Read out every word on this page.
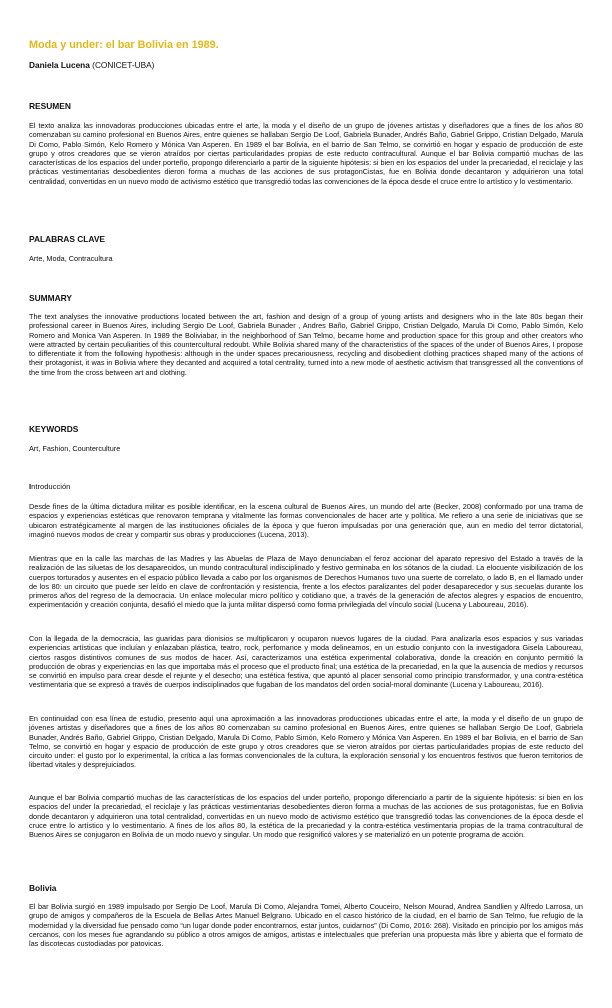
Moda y under: el bar Bolivia en 1989.

Daniela Lucena (CONICET-UBA)

RESUMEN

El texto analiza las innovadoras producciones ubicadas entre el arte, la moda y el diseño de un grupo de jóvenes artistas y diseñadores que a fines de los años 80 comenzaban su camino profesional en Buenos Aires, entre quienes se hallaban Sergio De Loof, Gabriela Bunader, Andrés Baño, Gabriel Grippo, Cristian Delgado, Marula Di Como, Pablo Simón, Kelo Romero y Mónica Van Asperen. En 1989 el bar Bolivia, en el barrio de San Telmo, se convirtió en hogar y espacio de producción de este grupo y otros creadores que se vieron atraídos por ciertas particularidades propias de este reducto contracultural. Aunque el bar Bolivia compartió muchas de las características de los espacios del under porteño, propongo diferenciarlo a partir de la siguiente hipótesis: si bien en los espacios del under la precariedad, el reciclaje y las prácticas vestimentarias desobedientes dieron forma a muchas de las acciones de sus protagonCistas, fue en Bolivia donde decantaron y adquirieron una total centralidad, convertidas en un nuevo modo de activismo estético que transgredió todas las convenciones de la época desde el cruce entre lo artístico y lo vestimentario.

PALABRAS CLAVE

Arte, Moda, Contracultura

SUMMARY

The text analyses the innovative productions located between the art, fashion and design of a group of young artists and designers who in the late 80s began their professional career in Buenos Aires, including Sergio De Loof, Gabriela Bunader , Andres Baño, Gabriel Grippo, Cristian Delgado, Marula Di Como, Pablo Simón, Kelo Romero and Monica Van Asperen. In 1989 the Boliviabar, in the neighborhood of San Telmo, became home and production space for this group and other creators who were attracted by certain peculiarities of this countercultural redoubt. While Bolivia shared many of the characteristics of the spaces of the under of Buenos Aires, I propose to differentiate it from the following hypothesis: although in the under spaces precariousness, recycling and disobedient clothing practices shaped many of the actions of their protagonist, it was in Bolivia where they decanted and acquired a total centrality, turned into a new mode of aesthetic activism that transgressed all the conventions of the time from the cross between art and clothing.

KEYWORDS

Art, Fashion, Counterculture

Introducción

Desde fines de la última dictadura militar es posible identificar, en la escena cultural de Buenos Aires, un mundo del arte (Becker, 2008) conformado por una trama de espacios y experiencias estéticas que renovaron temprana y vitalmente las formas convencionales de hacer arte y política. Me refiero a una serie de iniciativas que se ubicaron estratégicamente al margen de las instituciones oficiales de la época y que fueron impulsadas por una generación que, aun en medio del terror dictatorial, imaginó nuevos modos de crear y compartir sus obras y producciones (Lucena, 2013).

Mientras que en la calle las marchas de las Madres y las Abuelas de Plaza de Mayo denunciaban el feroz accionar del aparato represivo del Estado a través de la realización de las siluetas de los desaparecidos, un mundo contracultural indisciplinado y festivo germinaba en los sótanos de la ciudad. La elocuente visibilización de los cuerpos torturados y ausentes en el espacio público llevada a cabo por los organismos de Derechos Humanos tuvo una suerte de correlato, o lado B, en el llamado under de los 80: un circuito que puede ser leído en clave de confrontación y resistencia, frente a los efectos paralizantes del poder desaparecedor y sus secuelas durante los primeros años del regreso de la democracia. Un enlace molecular micro político y cotidiano que, a través de la generación de afectos alegres y espacios de encuentro, experimentación y creación conjunta, desafió el miedo que la junta militar dispersó como forma privilegiada del vínculo social (Lucena y Laboureau, 2016).

Con la llegada de la democracia, las guaridas para dionisios se multiplicaron y ocuparon nuevos lugares de la ciudad. Para analizarla esos espacios y sus variadas experiencias artísticas que incluían y enlazaban plástica, teatro, rock, perfomance y moda delineamos, en un estudio conjunto con la investigadora Gisela Laboureau, ciertos rasgos distintivos comunes de sus modos de hacer. Así, caracterizamos una estética experimental colaborativa, donde la creación en conjunto permitió la producción de obras y experiencias en las que importaba más el proceso que el producto final; una estética de la precariedad, en la que la ausencia de medios y recursos se convirtió en impulso para crear desde el rejunte y el desecho; una estética festiva, que apuntó al placer sensorial como principio transformador, y una contra-estética vestimentaria que se expresó a través de cuerpos indisciplinados que fugaban de los mandatos del orden social-moral dominante (Lucena y Laboureau, 2016).

En continuidad con esa línea de estudio, presento aquí una aproximación a las innovadoras producciones ubicadas entre el arte, la moda y el diseño de un grupo de jóvenes artistas y diseñadores que a fines de los años 80 comenzaban su camino profesional en Buenos Aires, entre quienes se hallaban Sergio De Loof, Gabriela Bunader, Andrés Baño, Gabriel Grippo, Cristian Delgado, Marula Di Como, Pablo Simón, Kelo Romero y Mónica Van Asperen. En 1989 el bar Bolivia, en el barrio de San Telmo, se convirtió en hogar y espacio de producción de este grupo y otros creadores que se vieron atraídos por ciertas particularidades propias de este reducto del circuito under: el gusto por lo experimental, la crítica a las formas convencionales de la cultura, la exploración sensorial y los encuentros festivos que fueron territorios de libertad vitales y desprejuiciados.

Aunque el bar Bolivia compartió muchas de las características de los espacios del under porteño, propongo diferenciarlo a partir de la siguiente hipótesis: si bien en los espacios del under la precariedad, el reciclaje y las prácticas vestimentarias desobedientes dieron forma a muchas de las acciones de sus protagonistas, fue en Bolivia donde decantaron y adquirieron una total centralidad, convertidas en un nuevo modo de activismo estético que transgredió todas las convenciones de la época desde el cruce entre lo artístico y lo vestimentario. A fines de los años 80, la estética de la precariedad y la contra-estética vestimentaria propias de la trama contracultural de Buenos Aires se conjugaron en Bolivia de un modo nuevo y singular. Un modo que resignificó valores y se materializó en un potente programa de acción.

Bolivia

El bar Bolivia surgió en 1989 impulsado por Sergio De Loof, Marula Di Como, Alejandra Tomei, Alberto Couceiro, Nelson Mourad, Andrea Sandlien y Alfredo Larrosa, un grupo de amigos y compañeros de la Escuela de Bellas Artes Manuel Belgrano. Ubicado en el casco histórico de la ciudad, en el barrio de San Telmo, fue refugio de la modernidad y la diversidad fue pensado como “un lugar donde poder encontrarnos, estar juntos, cuidarnos” (Di Como, 2016: 268). Visitado en principio por los amigos más cercanos, con los meses fue agrandando su público a otros amigos de amigos, artistas e intelectuales que preferían una propuesta más libre y abierta que el formato de las discotecas custodiadas por patovicas.
